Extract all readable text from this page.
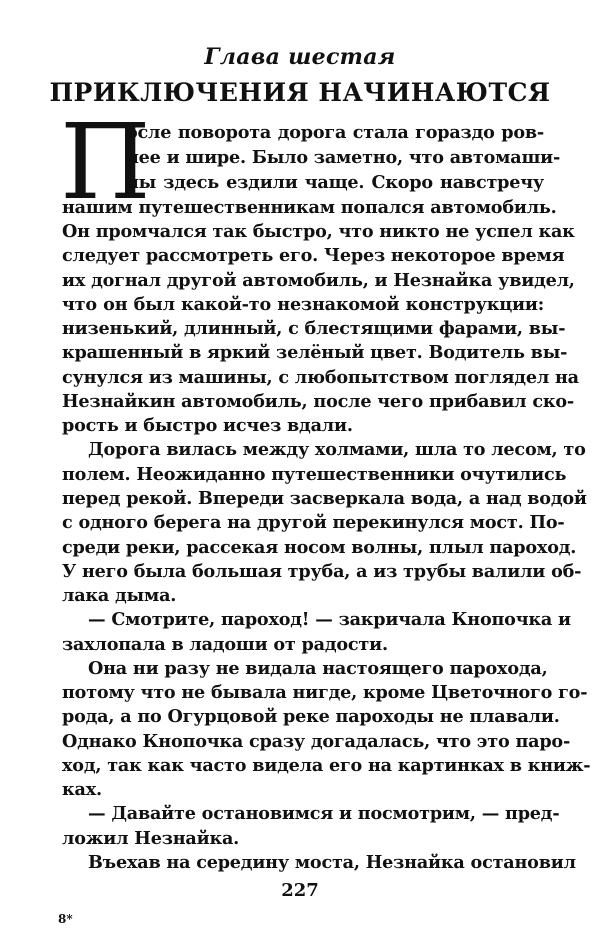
Глава шестая
ПРИКЛЮЧЕНИЯ НАЧИНАЮТСЯ
П
осле поворота дорога стала гораздо ров-
нее и шире. Было заметно, что автомаши-
ны здесь ездили чаще. Скоро навстречу
нашим путешественникам попался автомобиль.
Он промчался так быстро, что никто не успел как
следует рассмотреть его. Через некоторое время
их догнал другой автомобиль, и Незнайка увидел,
что он был какой-то незнакомой конструкции:
низенький, длинный, с блестящими фарами, вы-
крашенный в яркий зелёный цвет. Водитель вы-
сунулся из машины, с любопытством поглядел на
Незнайкин автомобиль, после чего прибавил ско-
рость и быстро исчез вдали.
Дорога вилась между холмами, шла то лесом, то
полем. Неожиданно путешественники очутились
перед рекой. Впереди засверкала вода, а над водой
с одного берега на другой перекинулся мост. По-
среди реки, рассекая носом волны, плыл пароход.
У него была большая труба, а из трубы валили об-
лака дыма.
— Смотрите, пароход! — закричала Кнопочка и
захлопала в ладоши от радости.
Она ни разу не видала настоящего парохода,
потому что не бывала нигде, кроме Цветочного го-
рода, а по Огурцовой реке пароходы не плавали.
Однако Кнопочка сразу догадалась, что это паро-
ход, так как часто видела его на картинках в книж-
ках.
— Давайте остановимся и посмотрим, — пред-
ложил Незнайка.
Въехав на середину моста, Незнайка остановил
227
8*
